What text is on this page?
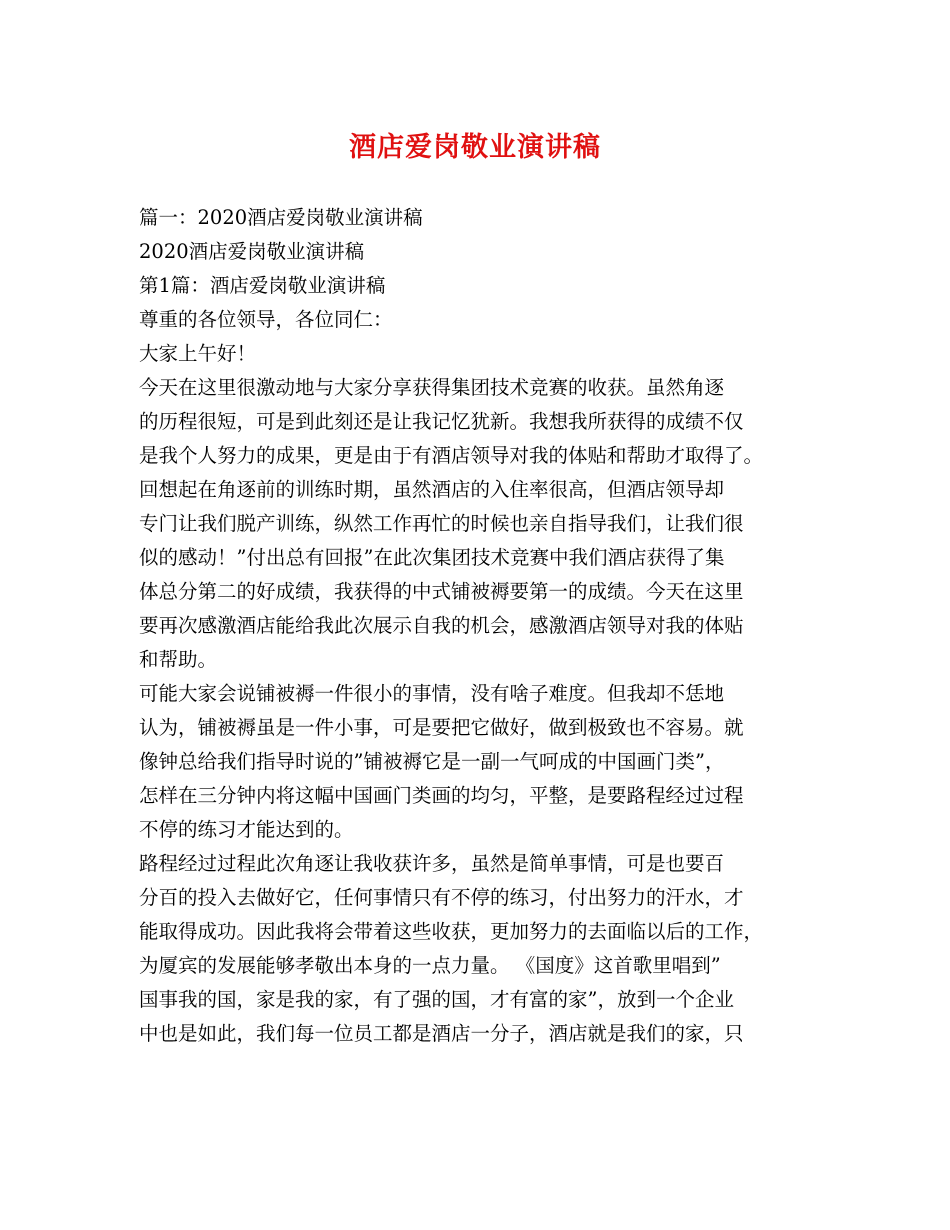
酒店爱岗敬业演讲稿
篇一：2020酒店爱岗敬业演讲稿
2020酒店爱岗敬业演讲稿
第1篇：酒店爱岗敬业演讲稿
尊重的各位领导，各位同仁：
大家上午好！
今天在这里很激动地与大家分享获得集团技术竞赛的收获。虽然角逐
的历程很短，可是到此刻还是让我记忆犹新。我想我所获得的成绩不仅
是我个人努力的成果，更是由于有酒店领导对我的体贴和帮助才取得了。
回想起在角逐前的训练时期，虽然酒店的入住率很高，但酒店领导却
专门让我们脱产训练，纵然工作再忙的时候也亲自指导我们，让我们很
似的感动！”付出总有回报”在此次集团技术竞赛中我们酒店获得了集
体总分第二的好成绩，我获得的中式铺被褥要第一的成绩。今天在这里
要再次感激酒店能给我此次展示自我的机会，感激酒店领导对我的体贴
和帮助。
可能大家会说铺被褥一件很小的事情，没有啥子难度。但我却不恁地
认为，铺被褥虽是一件小事，可是要把它做好，做到极致也不容易。就
像钟总给我们指导时说的”铺被褥它是一副一气呵成的中国画门类”，
怎样在三分钟内将这幅中国画门类画的均匀，平整，是要路程经过过程
不停的练习才能达到的。
路程经过过程此次角逐让我收获许多，虽然是简单事情，可是也要百
分百的投入去做好它，任何事情只有不停的练习，付出努力的汗水，才
能取得成功。因此我将会带着这些收获，更加努力的去面临以后的工作，
为厦宾的发展能够孝敬出本身的一点力量。 《国度》这首歌里唱到”
国事我的国，家是我的家，有了强的国，才有富的家”，放到一个企业
中也是如此，我们每一位员工都是酒店一分子，酒店就是我们的家，只
